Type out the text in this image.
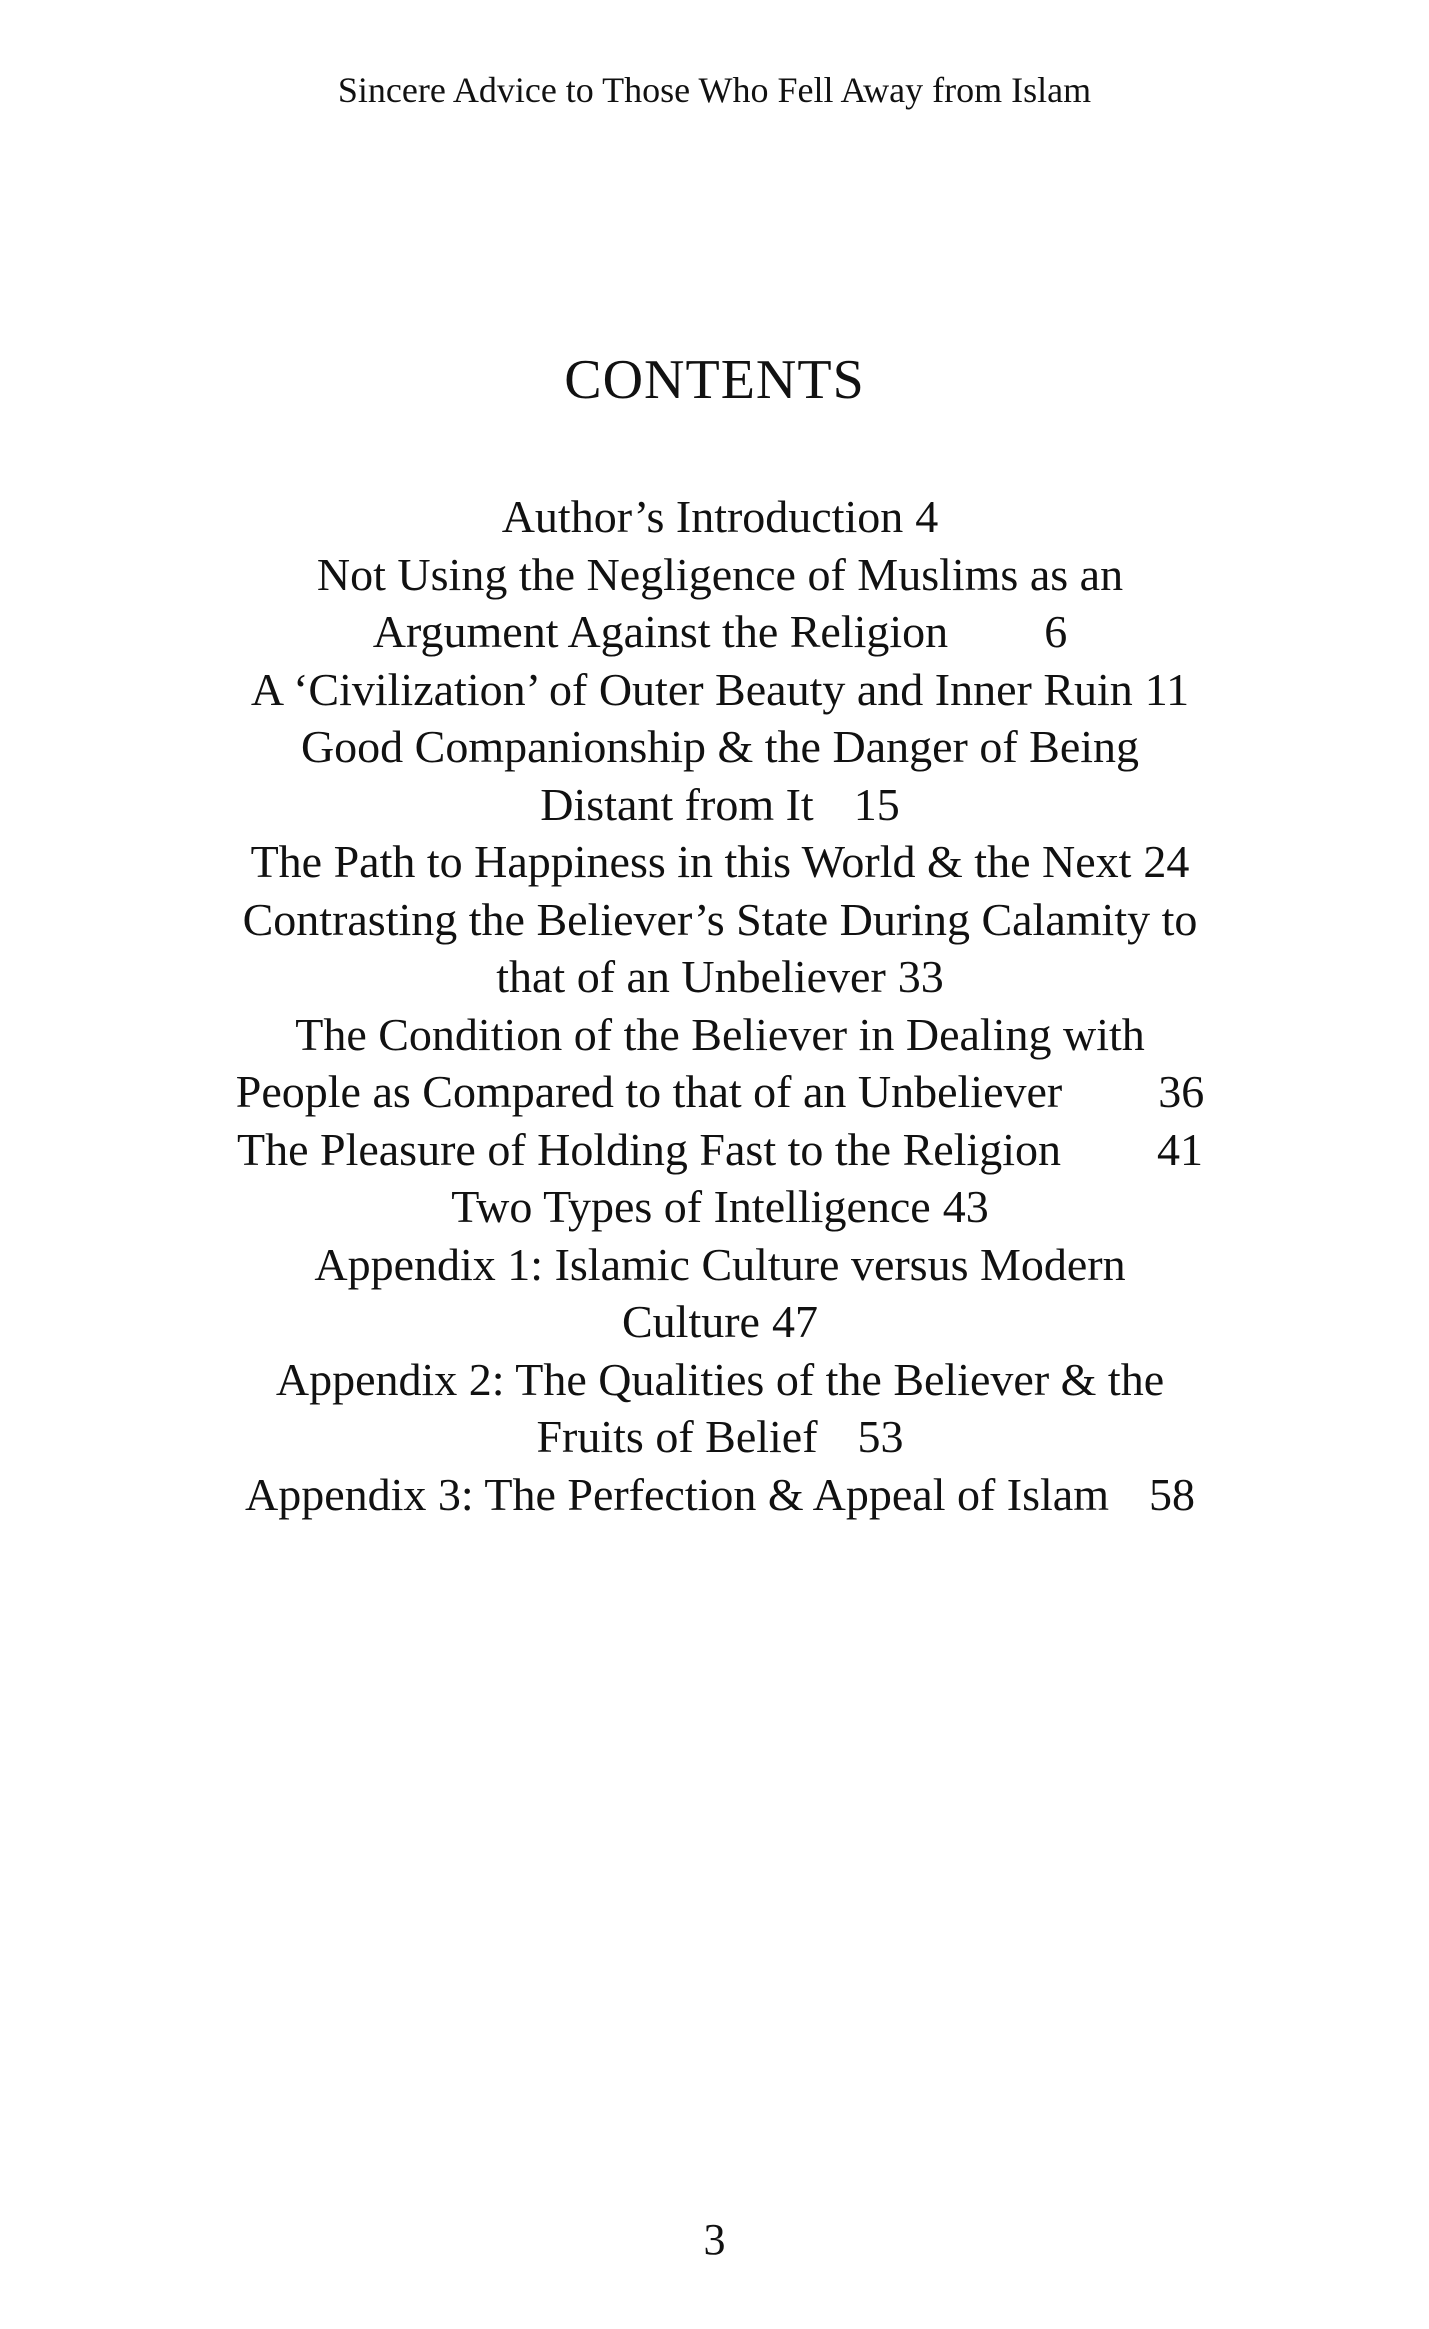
Sincere Advice to Those Who Fell Away from Islam
CONTENTS
Author’s Introduction 4
Not Using the Negligence of Muslims as an
Argument Against the Religion 6
A ‘Civilization’ of Outer Beauty and Inner Ruin 11
Good Companionship & the Danger of Being
Distant from It 15
The Path to Happiness in this World & the Next 24
Contrasting the Believer’s State During Calamity to
that of an Unbeliever 33
The Condition of the Believer in Dealing with
People as Compared to that of an Unbeliever 36
The Pleasure of Holding Fast to the Religion 41
Two Types of Intelligence 43
Appendix 1: Islamic Culture versus Modern
Culture 47
Appendix 2: The Qualities of the Believer & the
Fruits of Belief 53
Appendix 3: The Perfection & Appeal of Islam 58
3
